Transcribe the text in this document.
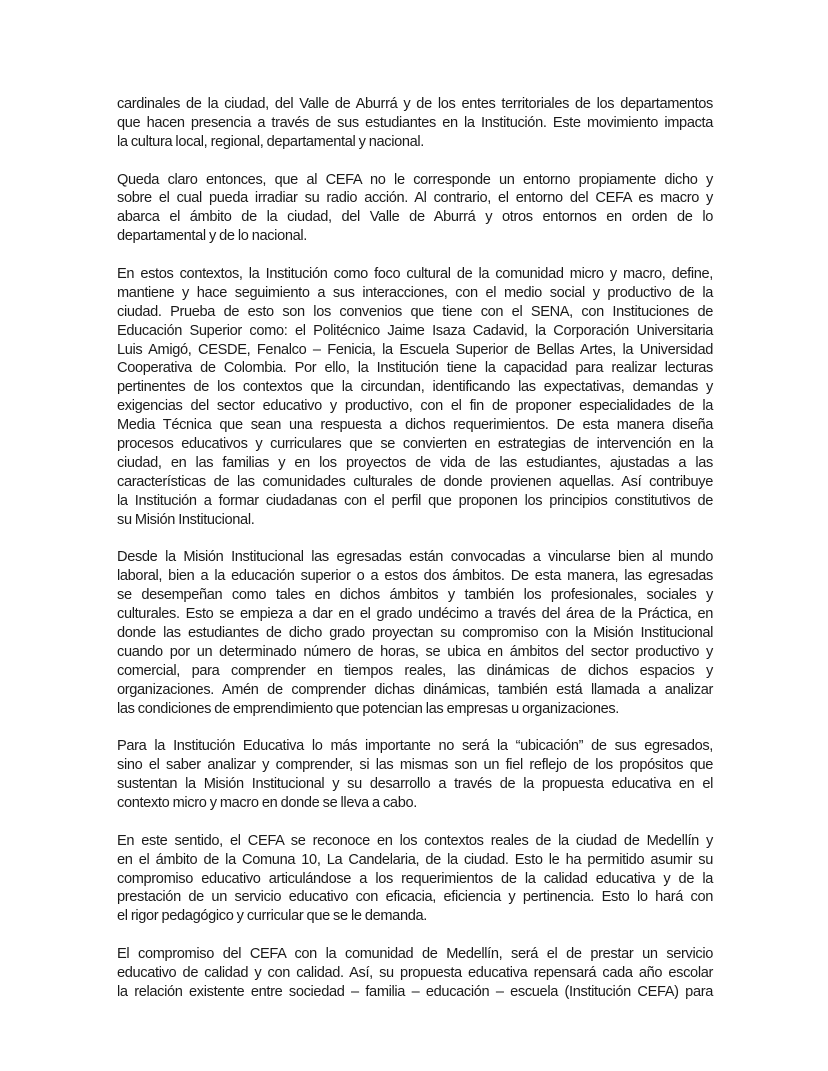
cardinales de la ciudad, del Valle de Aburrá y de los entes territoriales de los departamentos
que hacen presencia a través de sus estudiantes en la Institución. Este movimiento impacta
la cultura local, regional, departamental y nacional.
Queda claro entonces, que al CEFA no le corresponde un entorno propiamente dicho y
sobre el cual pueda irradiar su radio acción. Al contrario, el entorno del CEFA es macro y
abarca el ámbito de la ciudad, del Valle de Aburrá y otros entornos en orden de lo
departamental y de lo nacional.
En estos contextos, la Institución como foco cultural de la comunidad micro y macro, define,
mantiene y hace seguimiento a sus interacciones, con el medio social y productivo de la
ciudad. Prueba de esto son los convenios que tiene con el SENA, con Instituciones de
Educación Superior como: el Politécnico Jaime Isaza Cadavid, la Corporación Universitaria
Luis Amigó, CESDE, Fenalco – Fenicia, la Escuela Superior de Bellas Artes, la Universidad
Cooperativa de Colombia. Por ello, la Institución tiene la capacidad para realizar lecturas
pertinentes de los contextos que la circundan, identificando las expectativas, demandas y
exigencias del sector educativo y productivo, con el fin de proponer especialidades de la
Media Técnica que sean una respuesta a dichos requerimientos. De esta manera diseña
procesos educativos y curriculares que se convierten en estrategias de intervención en la
ciudad, en las familias y en los proyectos de vida de las estudiantes, ajustadas a las
características de las comunidades culturales de donde provienen aquellas. Así contribuye
la Institución a formar ciudadanas con el perfil que proponen los principios constitutivos de
su Misión Institucional.
Desde la Misión Institucional las egresadas están convocadas a vincularse bien al mundo
laboral, bien a la educación superior o a estos dos ámbitos. De esta manera, las egresadas
se desempeñan como tales en dichos ámbitos y también los profesionales, sociales y
culturales. Esto se empieza a dar en el grado undécimo a través del área de la Práctica, en
donde las estudiantes de dicho grado proyectan su compromiso con la Misión Institucional
cuando por un determinado número de horas, se ubica en ámbitos del sector productivo y
comercial, para comprender en tiempos reales, las dinámicas de dichos espacios y
organizaciones. Amén de comprender dichas dinámicas, también está llamada a analizar
las condiciones de emprendimiento que potencian las empresas u organizaciones.
Para la Institución Educativa lo más importante no será la “ubicación” de sus egresados,
sino el saber analizar y comprender, si las mismas son un fiel reflejo de los propósitos que
sustentan la Misión Institucional y su desarrollo a través de la propuesta educativa en el
contexto micro y macro en donde se lleva a cabo.
En este sentido, el CEFA se reconoce en los contextos reales de la ciudad de Medellín y
en el ámbito de la Comuna 10, La Candelaria, de la ciudad. Esto le ha permitido asumir su
compromiso educativo articulándose a los requerimientos de la calidad educativa y de la
prestación de un servicio educativo con eficacia, eficiencia y pertinencia. Esto lo hará con
el rigor pedagógico y curricular que se le demanda.
El compromiso del CEFA con la comunidad de Medellín, será el de prestar un servicio
educativo de calidad y con calidad. Así, su propuesta educativa repensará cada año escolar
la relación existente entre sociedad – familia – educación – escuela (Institución CEFA) para
